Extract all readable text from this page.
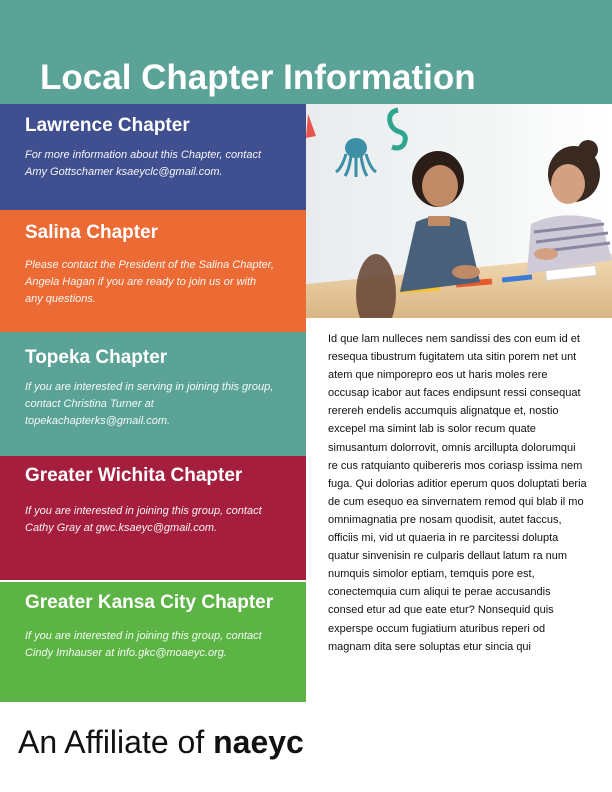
Local Chapter Information
Lawrence Chapter
For more information about this Chapter, contact Amy Gottschamer ksaeyclc@gmail.com.
Salina Chapter
Please contact the President of the Salina Chapter, Angela Hagan if you are ready to join us or with any questions.
Topeka Chapter
If you are interested in serving in joining this group, contact Christina Turner at topekachapterks@gmail.com.
Greater Wichita Chapter
If you are interested in joining this group, contact Cathy Gray at gwc.ksaeyc@gmail.com.
Greater Kansa City Chapter
If you are interested in joining this group, contact Cindy Imhauser at info.gkc@moaeyc.org.

Id que lam nulleces nem sandissi des con eum id et resequa tibustrum fugitatem uta sitin porem net unt atem que nimporepro eos ut haris moles rere occusap icabor aut faces endipsunt ressi consequat rerereh endelis accumquis alignatque et, nostio excepel ma simint lab is solor recum quate simusantum dolorrovit, omnis arcillupta dolorumqui re cus ratquianto quibereris mos coriasp issima nem fuga. Qui dolorias aditior eperum quos doluptati beria de cum esequo ea sinvernatem remod qui blab il mo omnimagnatia pre nosam quodisit, autet faccus, officiis mi, vid ut quaeria in re parcitessi dolupta quatur sinvenisin re culparis dellaut latum ra num numquis simolor eptiam, temquis pore est, conectemquia cum aliqui te perae accusandis consed etur ad que eate etur? Nonsequid quis experspe occum fugiatium aturibus reperi od magnam dita sere soluptas etur sincia qui

An Affiliate of naeyc
